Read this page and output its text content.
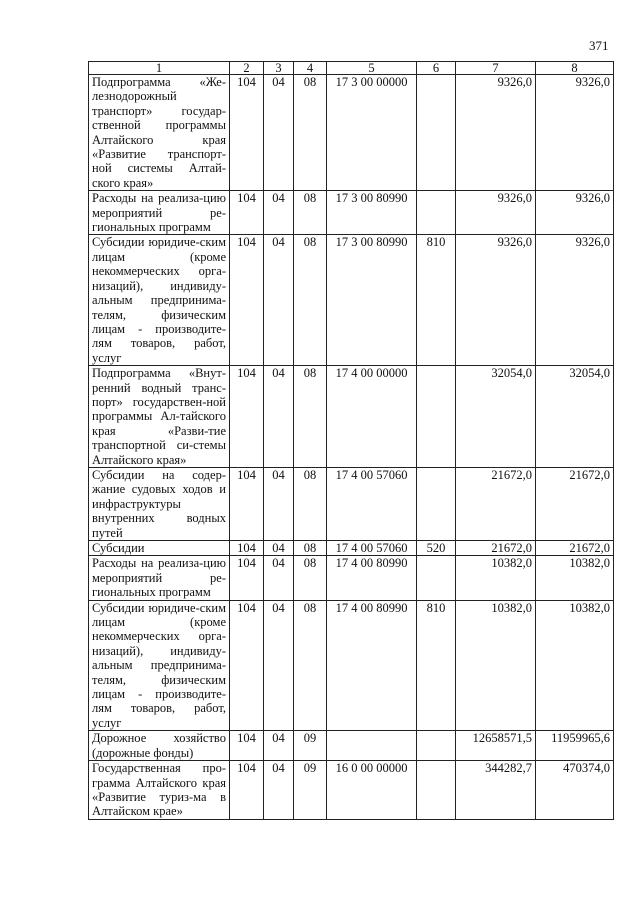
371
1	2	3	4	5	6	7	8
Подпрограмма «Же-лезнодорожный транспорт» государ-ственной программы Алтайского края «Развитие транспорт-ной системы Алтай-ского края»	104	04	08	17 3 00 00000		9326,0	9326,0
Расходы на реализа-цию мероприятий ре-гиональных программ	104	04	08	17 3 00 80990		9326,0	9326,0
Субсидии юридиче-ским лицам (кроме некоммерческих орга-низаций), индивиду-альным предпринима-телям, физическим лицам - производите-лям товаров, работ, услуг	104	04	08	17 3 00 80990	810	9326,0	9326,0
Подпрограмма «Внут-ренний водный транс-порт» государствен-ной программы Ал-тайского края «Разви-тие транспортной си-стемы Алтайского края»	104	04	08	17 4 00 00000		32054,0	32054,0
Субсидии на содер-жание судовых ходов и инфраструктуры внутренних водных путей	104	04	08	17 4 00 57060		21672,0	21672,0
Субсидии	104	04	08	17 4 00 57060	520	21672,0	21672,0
Расходы на реализа-цию мероприятий ре-гиональных программ	104	04	08	17 4 00 80990		10382,0	10382,0
Субсидии юридиче-ским лицам (кроме некоммерческих орга-низаций), индивиду-альным предпринима-телям, физическим лицам - производите-лям товаров, работ, услуг	104	04	08	17 4 00 80990	810	10382,0	10382,0
Дорожное хозяйство (дорожные фонды)	104	04	09			12658571,5	11959965,6
Государственная про-грамма Алтайского края «Развитие туриз-ма в Алтайском крае»	104	04	09	16 0 00 00000		344282,7	470374,0
